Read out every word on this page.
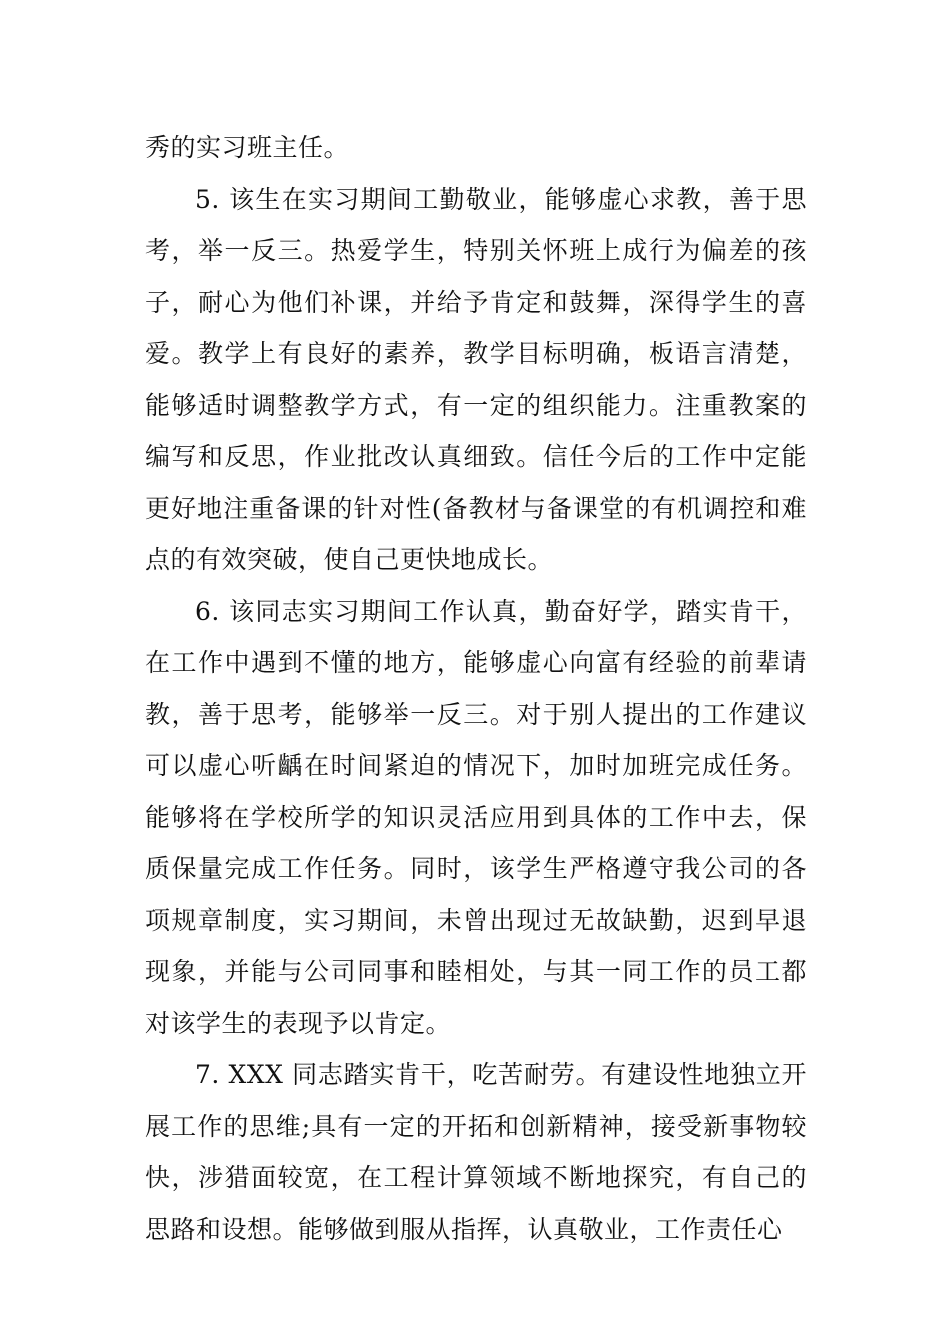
秀的实习班主任。

5. 该生在实习期间工勤敬业，能够虚心求教，善于思考，举一反三。热爱学生，特别关怀班上成行为偏差的孩子，耐心为他们补课，并给予肯定和鼓舞，深得学生的喜爱。教学上有良好的素养，教学目标明确，板语言清楚，能够适时调整教学方式，有一定的组织能力。注重教案的编写和反思，作业批改认真细致。信任今后的工作中定能更好地注重备课的针对性(备教材与备课堂的有机调控和难点的有效突破，使自己更快地成长。

6. 该同志实习期间工作认真，勤奋好学，踏实肯干，在工作中遇到不懂的地方，能够虚心向富有经验的前辈请教，善于思考，能够举一反三。对于别人提出的工作建议可以虚心听齲在时间紧迫的情况下，加时加班完成任务。能够将在学校所学的知识灵活应用到具体的工作中去，保质保量完成工作任务。同时，该学生严格遵守我公司的各项规章制度，实习期间，未曾出现过无故缺勤，迟到早退现象，并能与公司同事和睦相处，与其一同工作的员工都对该学生的表现予以肯定。

7. XXX 同志踏实肯干，吃苦耐劳。有建设性地独立开展工作的思维;具有一定的开拓和创新精神，接受新事物较快，涉猎面较宽，在工程计算领域不断地探究，有自己的思路和设想。能够做到服从指挥，认真敬业，工作责任心
